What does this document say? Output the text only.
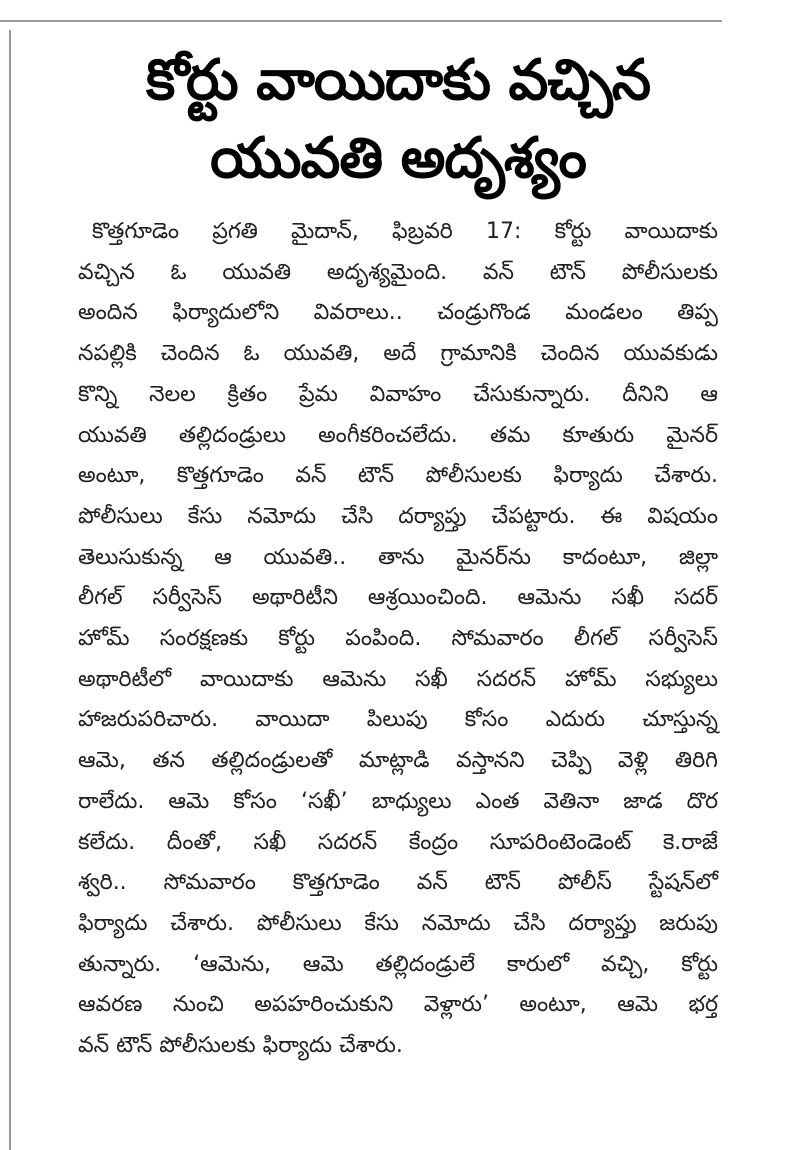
కోర్టు వాయిదాకు వచ్చిన
యువతి అదృశ్యం
కొత్తగూడెం ప్రగతి మైదాన్, ఫిబ్రవరి 17: కోర్టు వాయిదాకు
వచ్చిన ఓ యువతి అదృశ్యమైంది. వన్ టౌన్ పోలీసులకు
అందిన ఫిర్యాదులోని వివరాలు.. చండ్రుగొండ మండలం తిప్ప
నపల్లికి చెందిన ఓ యువతి, అదే గ్రామానికి చెందిన యువకుడు
కొన్ని నెలల క్రితం ప్రేమ వివాహం చేసుకున్నారు. దీనిని ఆ
యువతి తల్లిదండ్రులు అంగీకరించలేదు. తమ కూతురు మైనర్
అంటూ, కొత్తగూడెం వన్ టౌన్ పోలీసులకు ఫిర్యాదు చేశారు.
పోలీసులు కేసు నమోదు చేసి దర్యాప్తు చేపట్టారు. ఈ విషయం
తెలుసుకున్న ఆ యువతి.. తాను మైనర్‌ను కాదంటూ, జిల్లా
లీగల్ సర్వీసెస్ అథారిటీని ఆశ్రయించింది. ఆమెను సఖీ సదర్
హోమ్ సంరక్షణకు కోర్టు పంపింది. సోమవారం లీగల్ సర్వీసెస్
అథారిటీలో వాయిదాకు ఆమెను సఖీ సదరన్ హోమ్ సభ్యులు
హాజరుపరిచారు. వాయిదా పిలుపు కోసం ఎదురు చూస్తున్న
ఆమె, తన తల్లిదండ్రులతో మాట్లాడి వస్తానని చెప్పి వెళ్లి తిరిగి
రాలేదు. ఆమె కోసం ‘సఖీ’ బాధ్యులు ఎంత వెతినా జాడ దొర
కలేదు. దీంతో, సఖీ సదరన్ కేంద్రం సూపరింటెండెంట్ కె.రాజే
శ్వరి.. సోమవారం కొత్తగూడెం వన్ టౌన్ పోలీస్ స్టేషన్‌లో
ఫిర్యాదు చేశారు. పోలీసులు కేసు నమోదు చేసి దర్యాప్తు జరుపు
తున్నారు. ‘ఆమెను, ఆమె తల్లిదండ్రులే కారులో వచ్చి, కోర్టు
ఆవరణ నుంచి అపహరించుకుని వెళ్లారు’ అంటూ, ఆమె భర్త
వన్ టౌన్ పోలీసులకు ఫిర్యాదు చేశారు.
